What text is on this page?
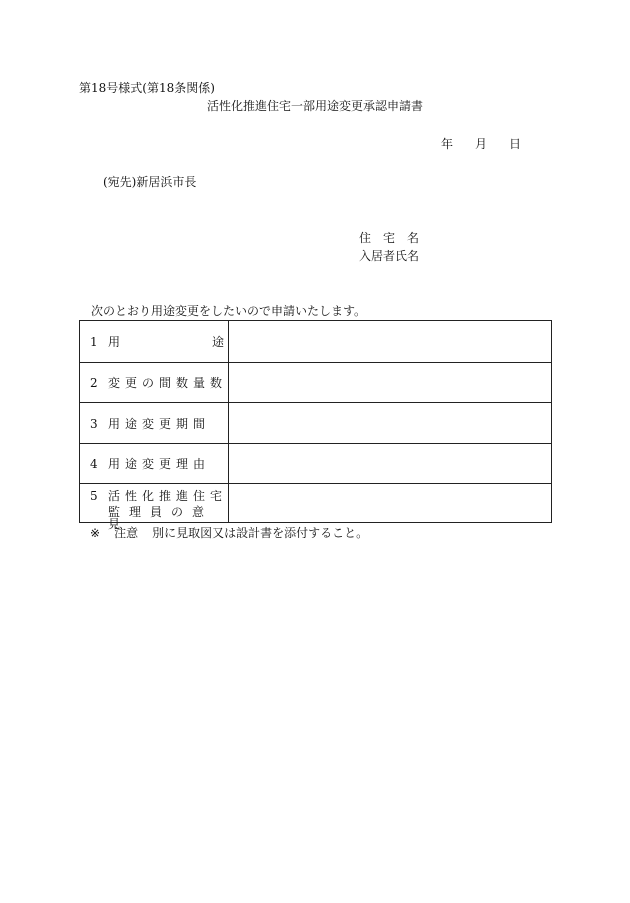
第18号様式(第18条関係)
活性化推進住宅一部用途変更承認申請書
年 月 日
(宛先)新居浜市長
住　宅　名
入居者氏名
次のとおり用途変更をしたいので申請いたします。
1 用	途
2 変更の間数量数
3 用途変更期間
4 用途変更理由
5 活性化推進住宅
監理員の意見
※ 注意 別に見取図又は設計書を添付すること。
